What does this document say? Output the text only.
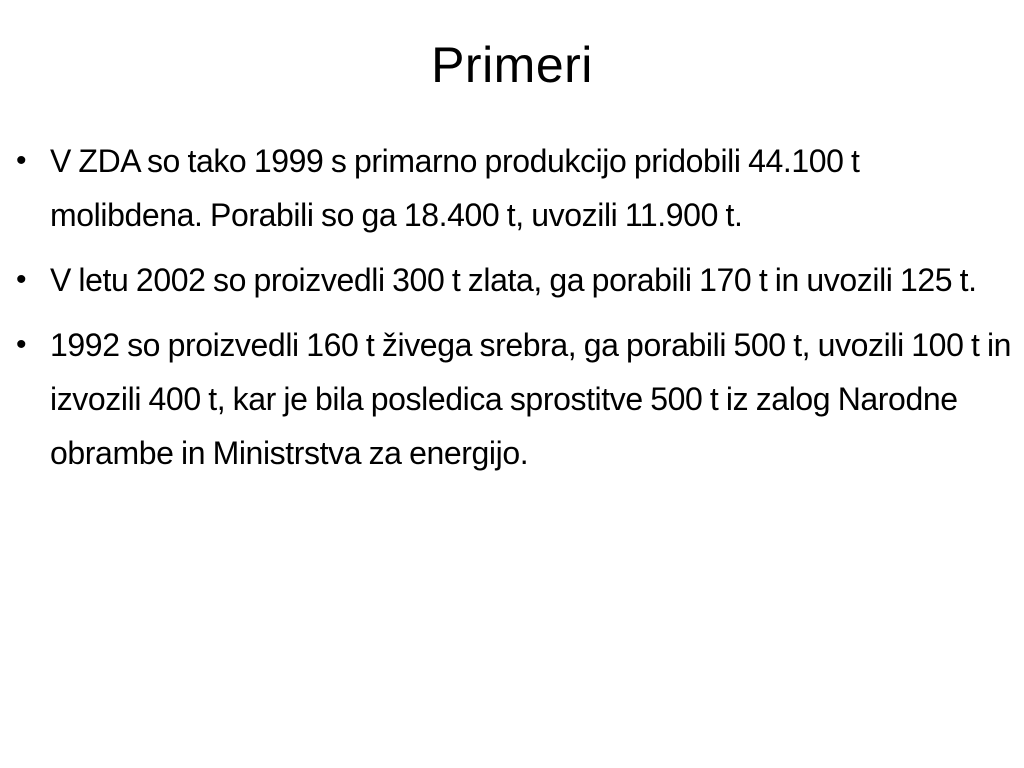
Primeri
• V ZDA so tako 1999 s primarno produkcijo pridobili 44.100 t molibdena. Porabili so ga 18.400 t, uvozili 11.900 t.
• V letu 2002 so proizvedli 300 t zlata, ga porabili 170 t in uvozili 125 t.
• 1992 so proizvedli 160 t živega srebra, ga porabili 500 t, uvozili 100 t in izvozili 400 t, kar je bila posledica sprostitve 500 t iz zalog Narodne obrambe in Ministrstva za energijo.
